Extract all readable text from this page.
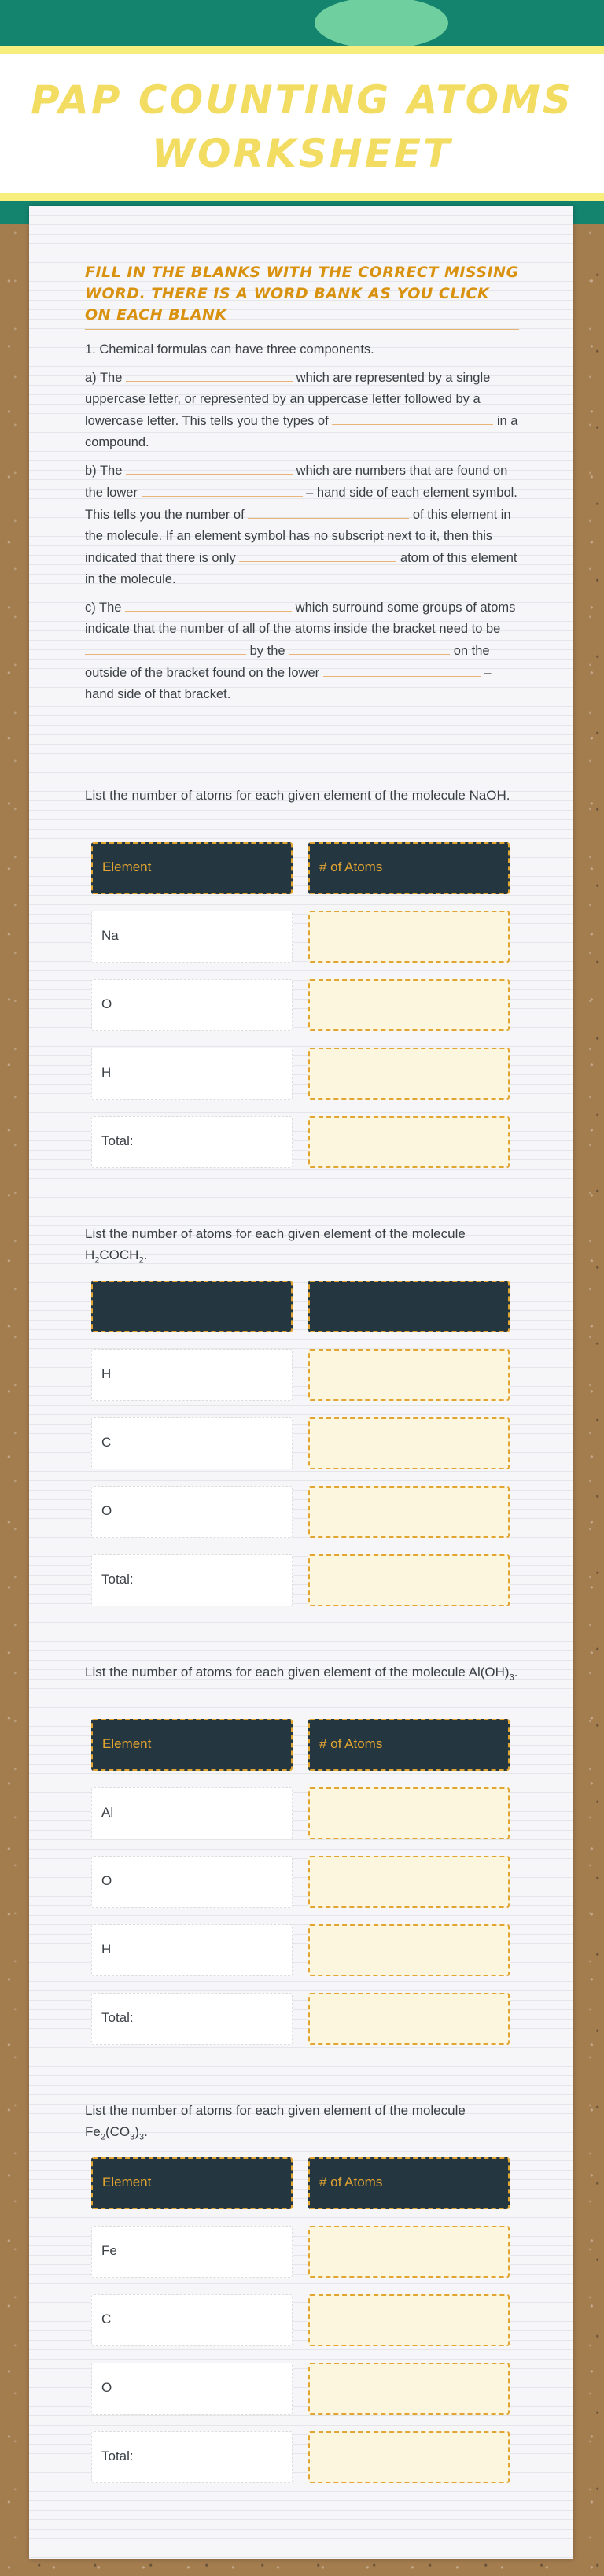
PAP COUNTING ATOMS WORKSHEET
FILL IN THE BLANKS WITH THE CORRECT MISSING WORD. THERE IS A WORD BANK AS YOU CLICK ON EACH BLANK
1. Chemical formulas can have three components.
a) The	which are represented by a single uppercase letter, or represented by an uppercase letter followed by a lowercase letter. This tells you the types of	in a compound.
b) The	which are numbers that are found on the lower	– hand side of each element symbol. This tells you the number of	of this element in the molecule. If an element symbol has no subscript next to it, then this indicated that there is only	atom of this element in the molecule.
c) The	which surround some groups of atoms indicate that the number of all of the atoms inside the bracket need to be  by the	on the outside of the bracket found on the lower	– hand side of that bracket.
List the number of atoms for each given element of the molecule NaOH.
Element	# of Atoms
Na
O
H
Total:
List the number of atoms for each given element of the molecule $H_2COCH_2$.
H
C
O
Total:
List the number of atoms for each given element of the molecule $Al(OH)_3$.
Element	# of Atoms
Al
O
H
Total:
List the number of atoms for each given element of the molecule $Fe_2(CO_3)_3$.
Element	# of Atoms
Fe
C
O
Total:
